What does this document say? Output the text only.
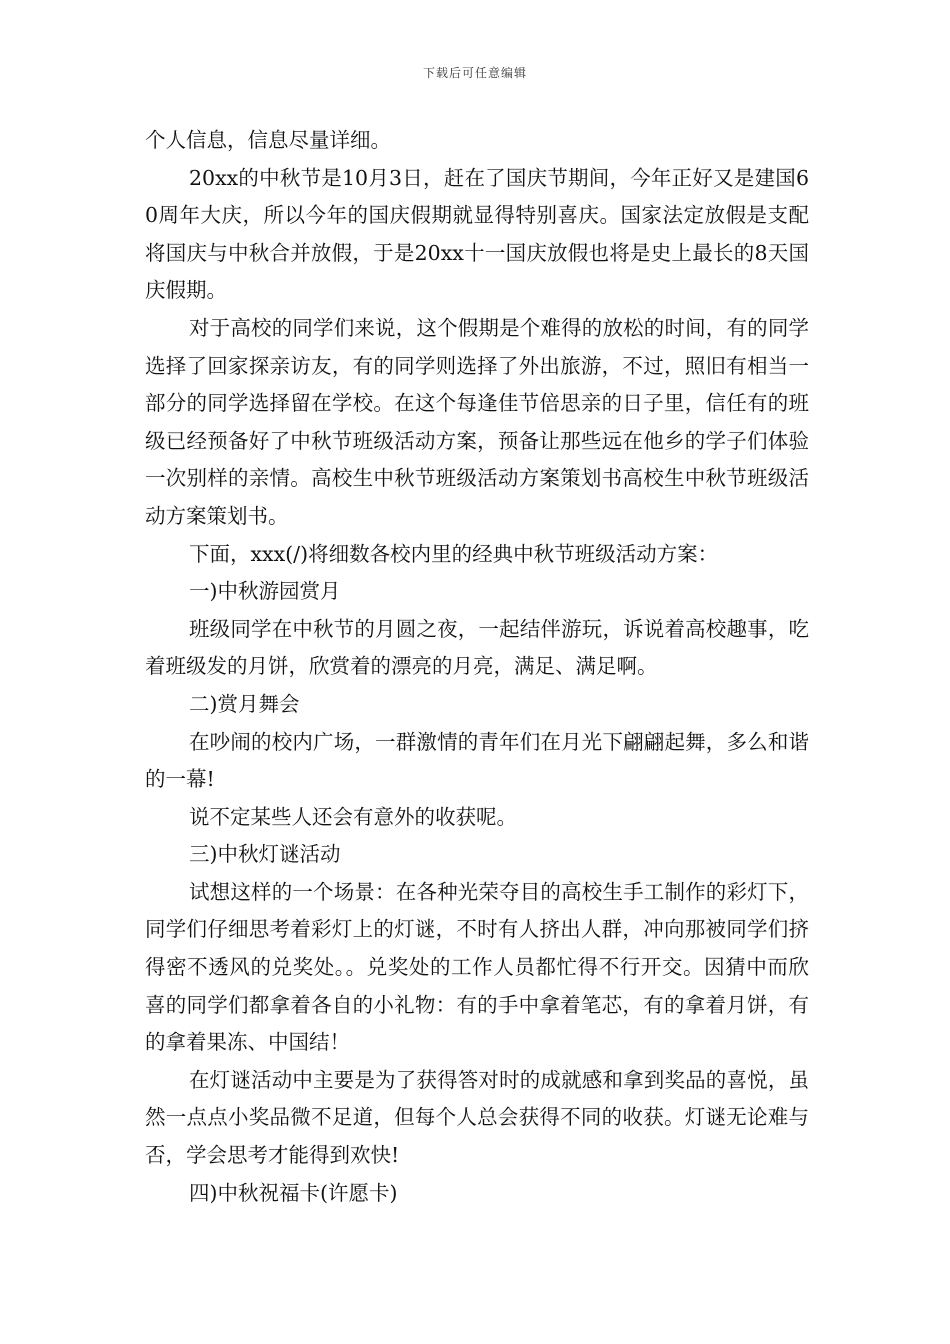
下载后可任意编辑

个人信息，信息尽量详细。

20xx的中秋节是10月3日，赶在了国庆节期间，今年正好又是建国60周年大庆，所以今年的国庆假期就显得特别喜庆。国家法定放假是支配将国庆与中秋合并放假，于是20xx十一国庆放假也将是史上最长的8天国庆假期。

对于高校的同学们来说，这个假期是个难得的放松的时间，有的同学选择了回家探亲访友，有的同学则选择了外出旅游，不过，照旧有相当一部分的同学选择留在学校。在这个每逢佳节倍思亲的日子里，信任有的班级已经预备好了中秋节班级活动方案，预备让那些远在他乡的学子们体验一次别样的亲情。高校生中秋节班级活动方案策划书高校生中秋节班级活动方案策划书。

下面，xxx(/)将细数各校内里的经典中秋节班级活动方案：

一)中秋游园赏月

班级同学在中秋节的月圆之夜，一起结伴游玩，诉说着高校趣事，吃着班级发的月饼，欣赏着的漂亮的月亮，满足、满足啊。

二)赏月舞会

在吵闹的校内广场，一群激情的青年们在月光下翩翩起舞，多么和谐的一幕!

说不定某些人还会有意外的收获呢。

三)中秋灯谜活动

试想这样的一个场景：在各种光荣夺目的高校生手工制作的彩灯下，同学们仔细思考着彩灯上的灯谜，不时有人挤出人群，冲向那被同学们挤得密不透风的兑奖处。。兑奖处的工作人员都忙得不行开交。因猜中而欣喜的同学们都拿着各自的小礼物：有的手中拿着笔芯，有的拿着月饼，有的拿着果冻、中国结！

在灯谜活动中主要是为了获得答对时的成就感和拿到奖品的喜悦，虽然一点点小奖品微不足道，但每个人总会获得不同的收获。灯谜无论难与否，学会思考才能得到欢快!

四)中秋祝福卡(许愿卡)
